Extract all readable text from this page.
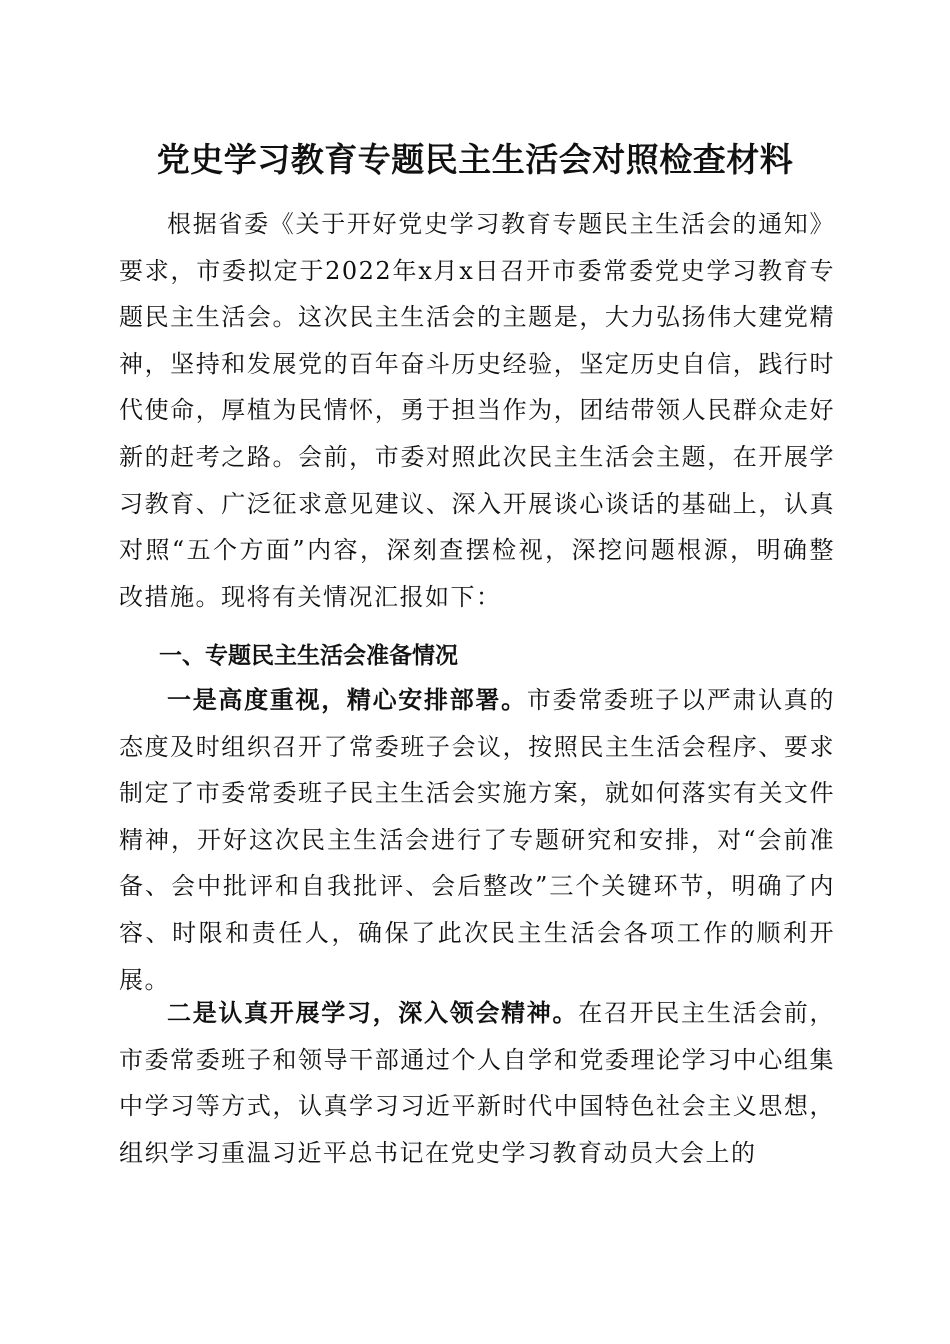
党史学习教育专题民主生活会对照检查材料

根据省委《关于开好党史学习教育专题民主生活会的通知》要求，市委拟定于2022年x月x日召开市委常委党史学习教育专题民主生活会。这次民主生活会的主题是，大力弘扬伟大建党精神，坚持和发展党的百年奋斗历史经验，坚定历史自信，践行时代使命，厚植为民情怀，勇于担当作为，团结带领人民群众走好新的赶考之路。会前，市委对照此次民主生活会主题，在开展学习教育、广泛征求意见建议、深入开展谈心谈话的基础上，认真对照“五个方面”内容，深刻查摆检视，深挖问题根源，明确整改措施。现将有关情况汇报如下：

一、专题民主生活会准备情况

一是高度重视，精心安排部署。市委常委班子以严肃认真的态度及时组织召开了常委班子会议，按照民主生活会程序、要求制定了市委常委班子民主生活会实施方案，就如何落实有关文件精神，开好这次民主生活会进行了专题研究和安排，对“会前准备、会中批评和自我批评、会后整改”三个关键环节，明确了内容、时限和责任人，确保了此次民主生活会各项工作的顺利开展。

二是认真开展学习，深入领会精神。在召开民主生活会前，市委常委班子和领导干部通过个人自学和党委理论学习中心组集中学习等方式，认真学习习近平新时代中国特色社会主义思想，组织学习重温习近平总书记在党史学习教育动员大会上的
